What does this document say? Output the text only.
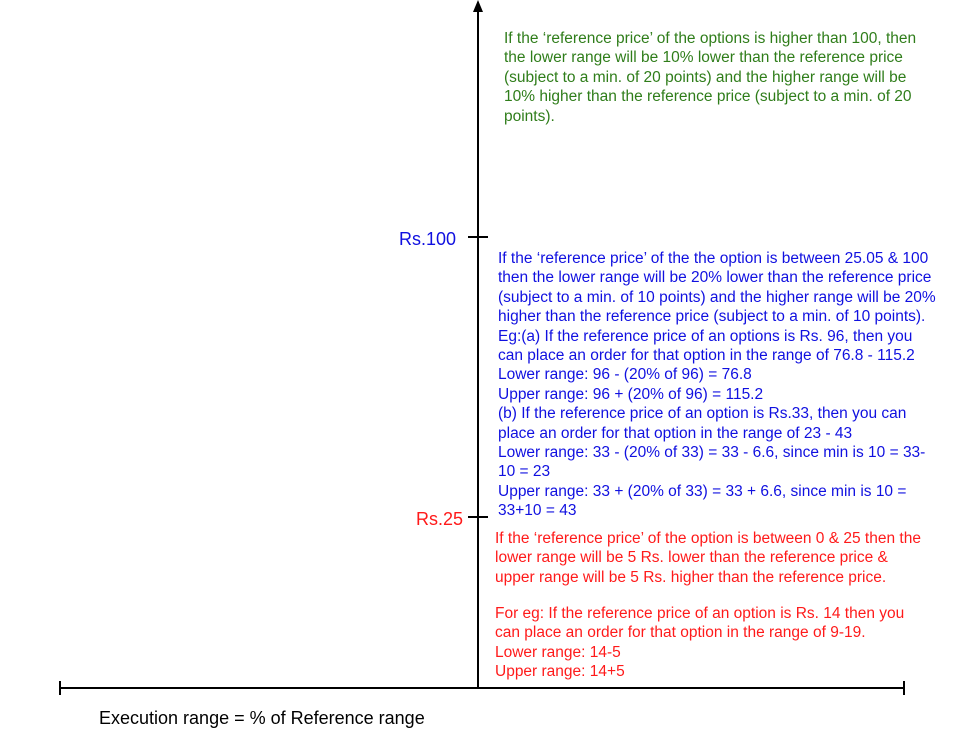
Rs.100
Rs.25
If the ‘reference price’ of the options is higher than 100, then
the lower range will be 10% lower than the reference price
(subject to a min. of 20 points) and the higher range will be
10% higher than the reference price (subject to a min. of 20
points).
If the ‘reference price’ of the the option is between 25.05 & 100
then the lower range will be 20% lower than the reference price
(subject to a min. of 10 points) and the higher range will be 20%
higher than the reference price (subject to a min. of 10 points).
Eg:(a) If the reference price of an options is Rs. 96, then you
can place an order for that option in the range of 76.8 - 115.2
Lower range: 96 - (20% of 96) = 76.8
Upper range: 96 + (20% of 96) = 115.2
(b) If the reference price of an option is Rs.33, then you can
place an order for that option in the range of 23 - 43
Lower range: 33 - (20% of 33) = 33 - 6.6, since min is 10 = 33-
10 = 23
Upper range: 33 + (20% of 33) = 33 + 6.6, since min is 10 =
33+10 = 43
If the ‘reference price’ of the option is between 0 & 25 then the
lower range will be 5 Rs. lower than the reference price &
upper range will be 5 Rs. higher than the reference price.
For eg: If the reference price of an option is Rs. 14 then you
can place an order for that option in the range of 9-19.
Lower range: 14-5
Upper range: 14+5
Execution range = % of Reference range
